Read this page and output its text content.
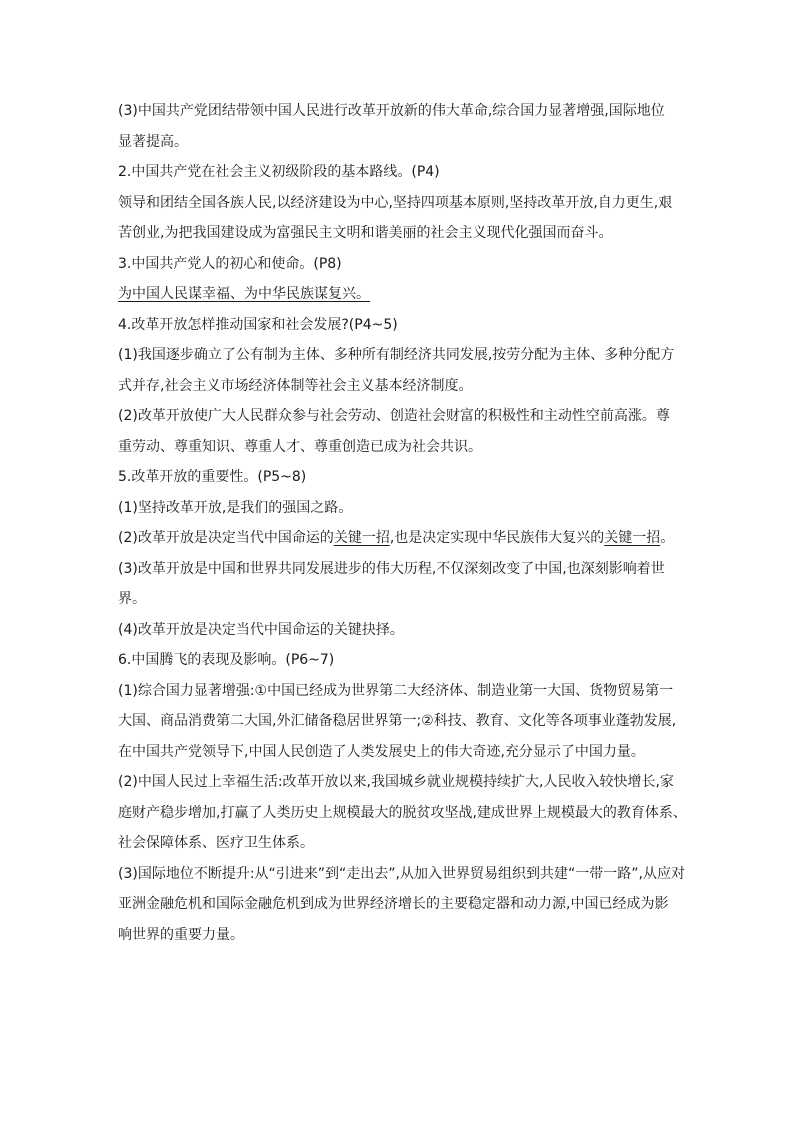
(3)中国共产党团结带领中国人民进行改革开放新的伟大革命,综合国力显著增强,国际地位
显著提高。
2.中国共产党在社会主义初级阶段的基本路线。(P4)
领导和团结全国各族人民,以经济建设为中心,坚持四项基本原则,坚持改革开放,自力更生,艰
苦创业,为把我国建设成为富强民主文明和谐美丽的社会主义现代化强国而奋斗。
3.中国共产党人的初心和使命。(P8)
为中国人民谋幸福、为中华民族谋复兴。
4.改革开放怎样推动国家和社会发展?(P4~5)
(1)我国逐步确立了公有制为主体、多种所有制经济共同发展,按劳分配为主体、多种分配方
式并存,社会主义市场经济体制等社会主义基本经济制度。
(2)改革开放使广大人民群众参与社会劳动、创造社会财富的积极性和主动性空前高涨。尊
重劳动、尊重知识、尊重人才、尊重创造已成为社会共识。
5.改革开放的重要性。(P5~8)
(1)坚持改革开放,是我们的强国之路。
(2)改革开放是决定当代中国命运的关键一招,也是决定实现中华民族伟大复兴的关键一招。
(3)改革开放是中国和世界共同发展进步的伟大历程,不仅深刻改变了中国,也深刻影响着世
界。
(4)改革开放是决定当代中国命运的关键抉择。
6.中国腾飞的表现及影响。(P6~7)
(1)综合国力显著增强:①中国已经成为世界第二大经济体、制造业第一大国、货物贸易第一
大国、商品消费第二大国,外汇储备稳居世界第一;②科技、教育、文化等各项事业蓬勃发展,
在中国共产党领导下,中国人民创造了人类发展史上的伟大奇迹,充分显示了中国力量。
(2)中国人民过上幸福生活:改革开放以来,我国城乡就业规模持续扩大,人民收入较快增长,家
庭财产稳步增加,打赢了人类历史上规模最大的脱贫攻坚战,建成世界上规模最大的教育体系、
社会保障体系、医疗卫生体系。
(3)国际地位不断提升:从“引进来”到“走出去”,从加入世界贸易组织到共建“一带一路”,从应对
亚洲金融危机和国际金融危机到成为世界经济增长的主要稳定器和动力源,中国已经成为影
响世界的重要力量。
